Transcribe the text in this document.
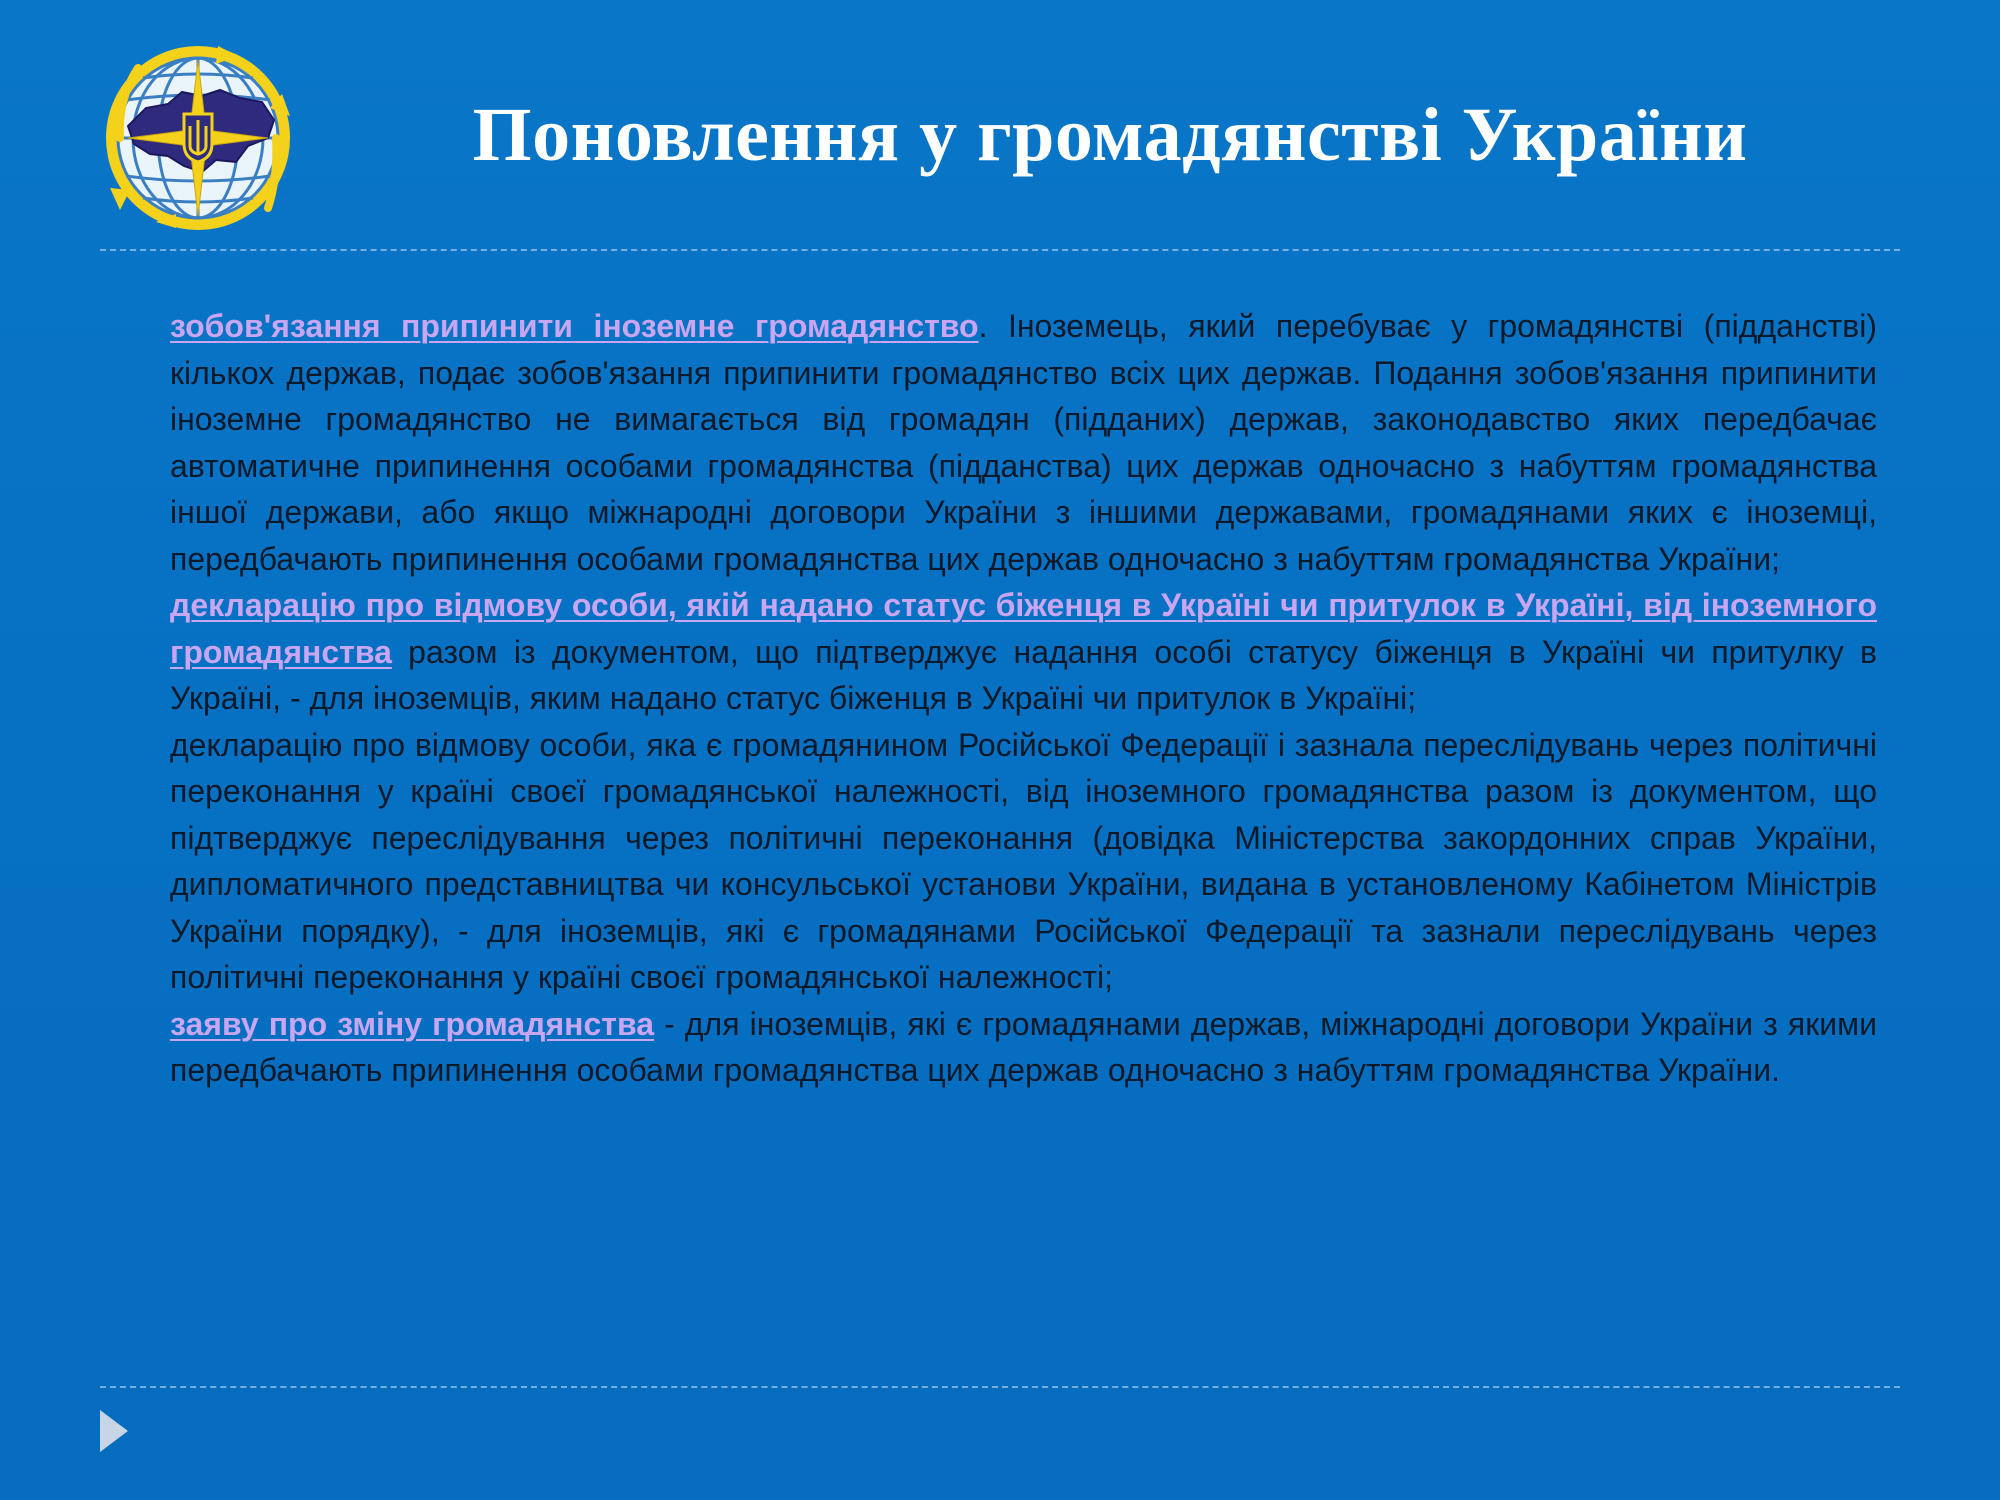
Поновлення у громадянстві України

зобов'язання припинити іноземне громадянство. Іноземець, який перебуває у громадянстві (підданстві) кількох держав, подає зобов'язання припинити громадянство всіх цих держав. Подання зобов'язання припинити іноземне громадянство не вимагається від громадян (підданих) держав, законодавство яких передбачає автоматичне припинення особами громадянства (підданства) цих держав одночасно з набуттям громадянства іншої держави, або якщо міжнародні договори України з іншими державами, громадянами яких є іноземці, передбачають припинення особами громадянства цих держав одночасно з набуттям громадянства України;

декларацію про відмову особи, якій надано статус біженця в Україні чи притулок в Україні, від іноземного громадянства разом із документом, що підтверджує надання особі статусу біженця в Україні чи притулку в Україні, - для іноземців, яким надано статус біженця в Україні чи притулок в Україні;

декларацію про відмову особи, яка є громадянином Російської Федерації і зазнала переслідувань через політичні переконання у країні своєї громадянської належності, від іноземного громадянства разом із документом, що підтверджує переслідування через політичні переконання (довідка Міністерства закордонних справ України, дипломатичного представництва чи консульської установи України, видана в установленому Кабінетом Міністрів України порядку), - для іноземців, які є громадянами Російської Федерації та зазнали переслідувань через політичні переконання у країні своєї громадянської належності;

заяву про зміну громадянства - для іноземців, які є громадянами держав, міжнародні договори України з якими передбачають припинення особами громадянства цих держав одночасно з набуттям громадянства України.
